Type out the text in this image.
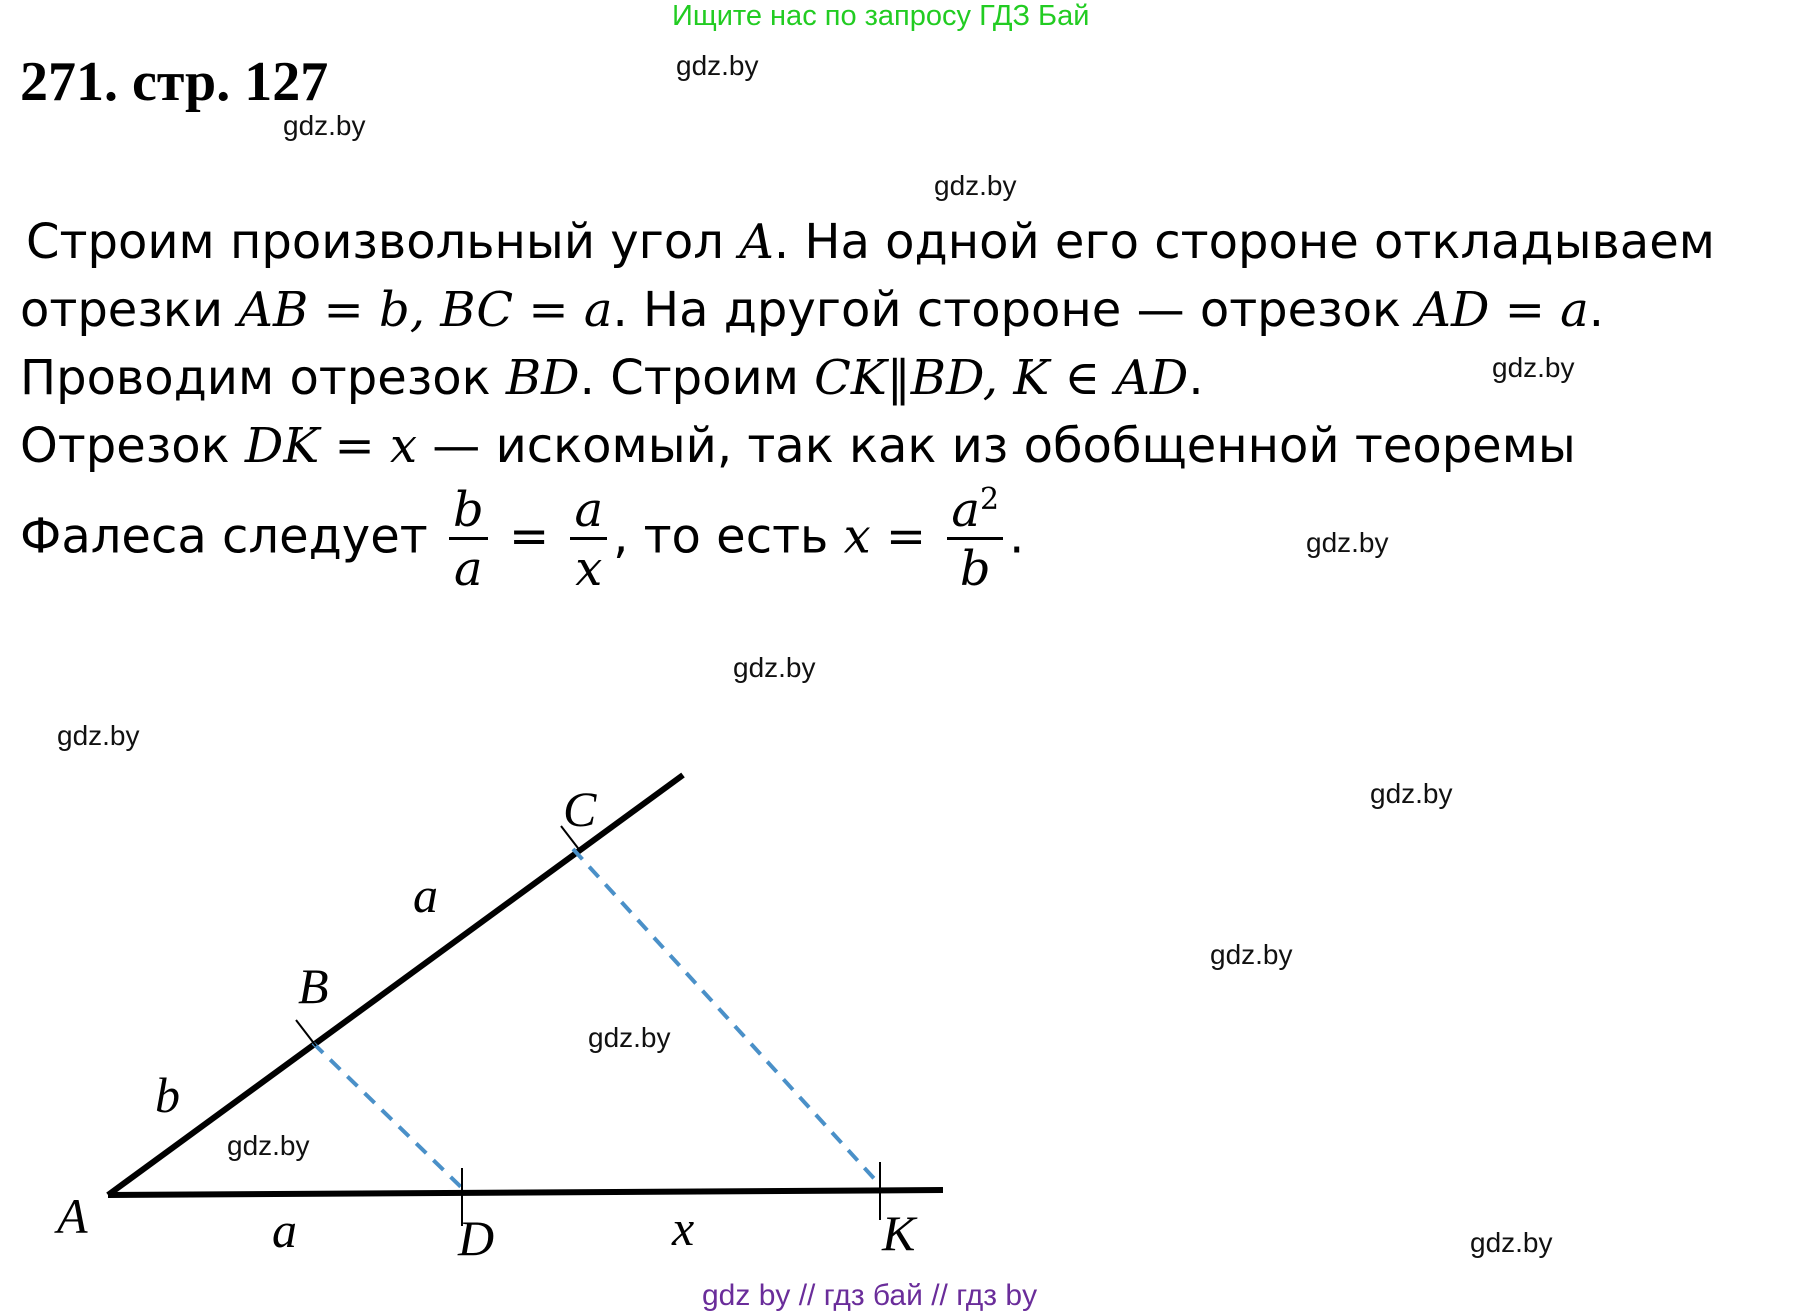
Ищите нас по запросу ГДЗ Бай
271. стр. 127	gdz.by
gdz.by
gdz.by
gdz.by
gdz.by
gdz.by
gdz.by
gdz.by
gdz.by
gdz.by
gdz.by
gdz.by
Строим произвольный угол A. На одной его стороне откладываем
отрезки AB = b, BC = a. На другой стороне — отрезок AD = a.
Проводим отрезок BD. Строим CK‖BD, K ∈ AD.
Отрезок DK = x — искомый, так как из обобщенной теоремы
Фалеса следует $\frac{b}{a} = \frac{a}{x}$ , то есть $x = \frac{a^2}{b}$ .
A
B
C
D	K
b
a
a	x
gdz by // гдз бай // гдз by
